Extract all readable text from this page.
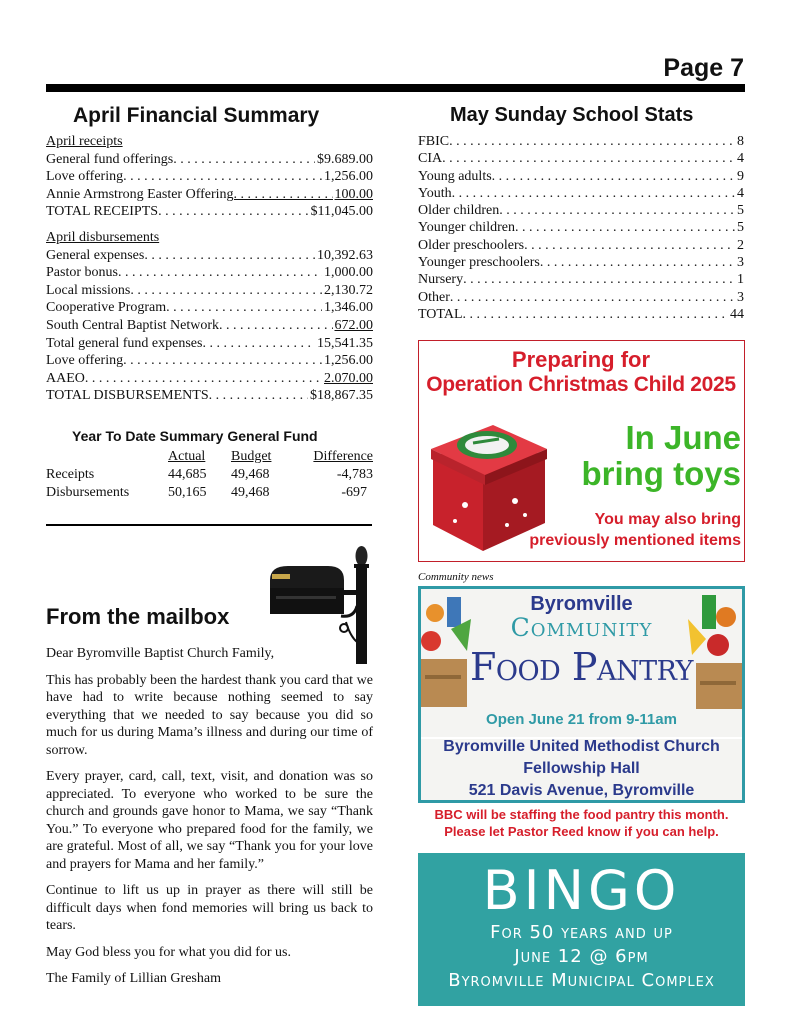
Page 7
April Financial Summary
April receipts
General fund offerings . . .	$9.689.00
Love offering . . .	1,256.00
Annie Armstrong Easter Offering . . .	100.00
TOTAL RECEIPTS . . .	$11,045.00
April disbursements
General expenses . . .	10,392.63
Pastor bonus . . .	1,000.00
Local missions . . .	2,130.72
Cooperative Program . . .	1,346.00
South Central Baptist Network . . .	672.00
Total general fund expenses . . .	15,541.35
Love offering . . .	1,256.00
AAEO . . .	2.070.00
TOTAL DISBURSEMENTS . . .	$18,867.35
Year To Date Summary General Fund
	Actual	Budget	Difference
Receipts	44,685	49,468	-4,783
Disbursements	50,165	49,468	-697
From the mailbox

Dear Byromville Baptist Church Family,

This has probably been the hardest thank you card that we have had to write because nothing seemed to say everything that we needed to say because you did so much for us during Mama’s illness and during our time of sorrow.

Every prayer, card, call, text, visit, and donation was so appreciated. To everyone who worked to be sure the church and grounds gave honor to Mama, we say “Thank You.” To everyone who prepared food for the family, we are grateful. Most of all, we say “Thank you for your love and prayers for Mama and her family.”

Continue to lift us up in prayer as there will still be difficult days when fond memories will bring us back to tears.

May God bless you for what you did for us.

The Family of Lillian Gresham

May Sunday School Stats
FBIC . . .	8
CIA . . .	4
Young adults . . .	9
Youth . . .	4
Older children . . .	5
Younger children . . .	5
Older preschoolers . . .	2
Younger preschoolers . . .	3
Nursery . . .	1
Other . . .	3
TOTAL . . .	44
Preparing for
Operation Christmas Child 2025
In June
bring toys
You may also bring
previously mentioned items
Community news
Byromville
Community
Food Pantry
Open June 21 from 9-11am
Byromville United Methodist Church
Fellowship Hall
521 Davis Avenue, Byromville
BBC will be staffing the food pantry this month.
Please let Pastor Reed know if you can help.
BINGO
For 50 years and up
June 12 @ 6pm
Byromville Municipal Complex
